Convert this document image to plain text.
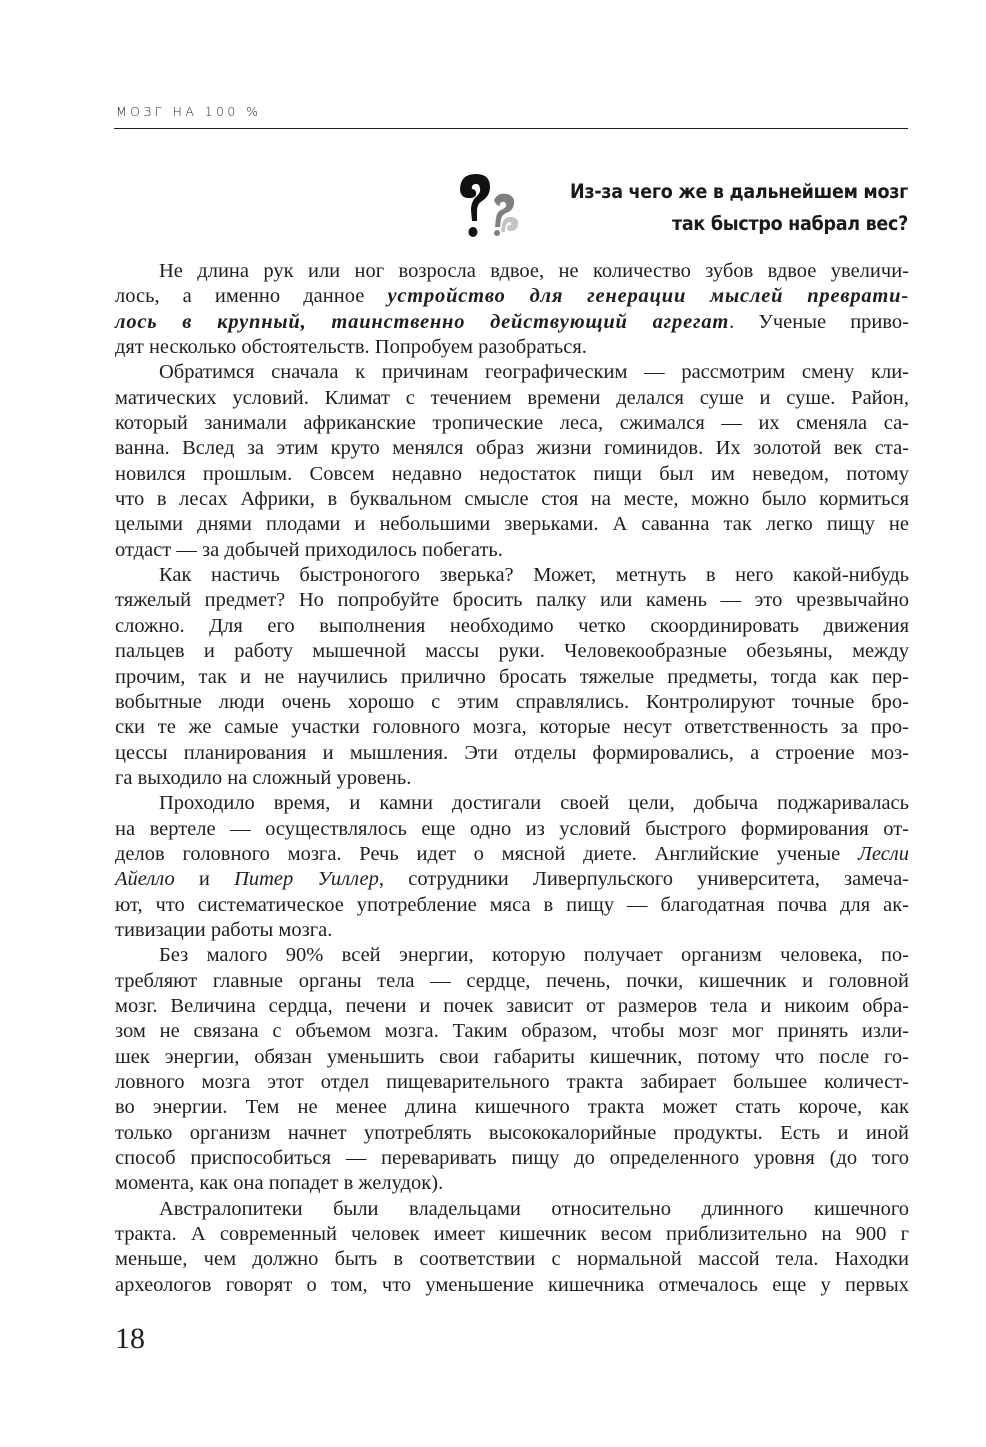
МОЗГ НА 100 %
Из-за чего же в дальнейшем мозг
так быстро набрал вес?
Не длина рук или ног возросла вдвое, не количество зубов вдвое увеличи-
лось, а именно данное устройство для генерации мыслей преврати-
лось в крупный, таинственно действующий агрегат. Ученые приво-
дят несколько обстоятельств. Попробуем разобраться.
Обратимся сначала к причинам географическим — рассмотрим смену кли-
матических условий. Климат с течением времени делался суше и суше. Район,
который занимали африканские тропические леса, сжимался — их сменяла са-
ванна. Вслед за этим круто менялся образ жизни гоминидов. Их золотой век ста-
новился прошлым. Совсем недавно недостаток пищи был им неведом, потому
что в лесах Африки, в буквальном смысле стоя на месте, можно было кормиться
целыми днями плодами и небольшими зверьками. А саванна так легко пищу не
отдаст — за добычей приходилось побегать.
Как настичь быстроногого зверька? Может, метнуть в него какой-нибудь
тяжелый предмет? Но попробуйте бросить палку или камень — это чрезвычайно
сложно. Для его выполнения необходимо четко скоординировать движения
пальцев и работу мышечной массы руки. Человекообразные обезьяны, между
прочим, так и не научились прилично бросать тяжелые предметы, тогда как пер-
вобытные люди очень хорошо с этим справлялись. Контролируют точные бро-
ски те же самые участки головного мозга, которые несут ответственность за про-
цессы планирования и мышления. Эти отделы формировались, а строение моз-
га выходило на сложный уровень.
Проходило время, и камни достигали своей цели, добыча поджаривалась
на вертеле — осуществлялось еще одно из условий быстрого формирования от-
делов головного мозга. Речь идет о мясной диете. Английские ученые Лесли
Айелло и Питер Уиллер, сотрудники Ливерпульского университета, замеча-
ют, что систематическое употребление мяса в пищу — благодатная почва для ак-
тивизации работы мозга.
Без малого 90% всей энергии, которую получает организм человека, по-
требляют главные органы тела — сердце, печень, почки, кишечник и головной
мозг. Величина сердца, печени и почек зависит от размеров тела и никоим обра-
зом не связана с объемом мозга. Таким образом, чтобы мозг мог принять изли-
шек энергии, обязан уменьшить свои габариты кишечник, потому что после го-
ловного мозга этот отдел пищеварительного тракта забирает большее количест-
во энергии. Тем не менее длина кишечного тракта может стать короче, как
только организм начнет употреблять высококалорийные продукты. Есть и иной
способ приспособиться — переваривать пищу до определенного уровня (до того
момента, как она попадет в желудок).
Австралопитеки были владельцами относительно длинного кишечного
тракта. А современный человек имеет кишечник весом приблизительно на 900 г
меньше, чем должно быть в соответствии с нормальной массой тела. Находки
археологов говорят о том, что уменьшение кишечника отмечалось еще у первых
18
